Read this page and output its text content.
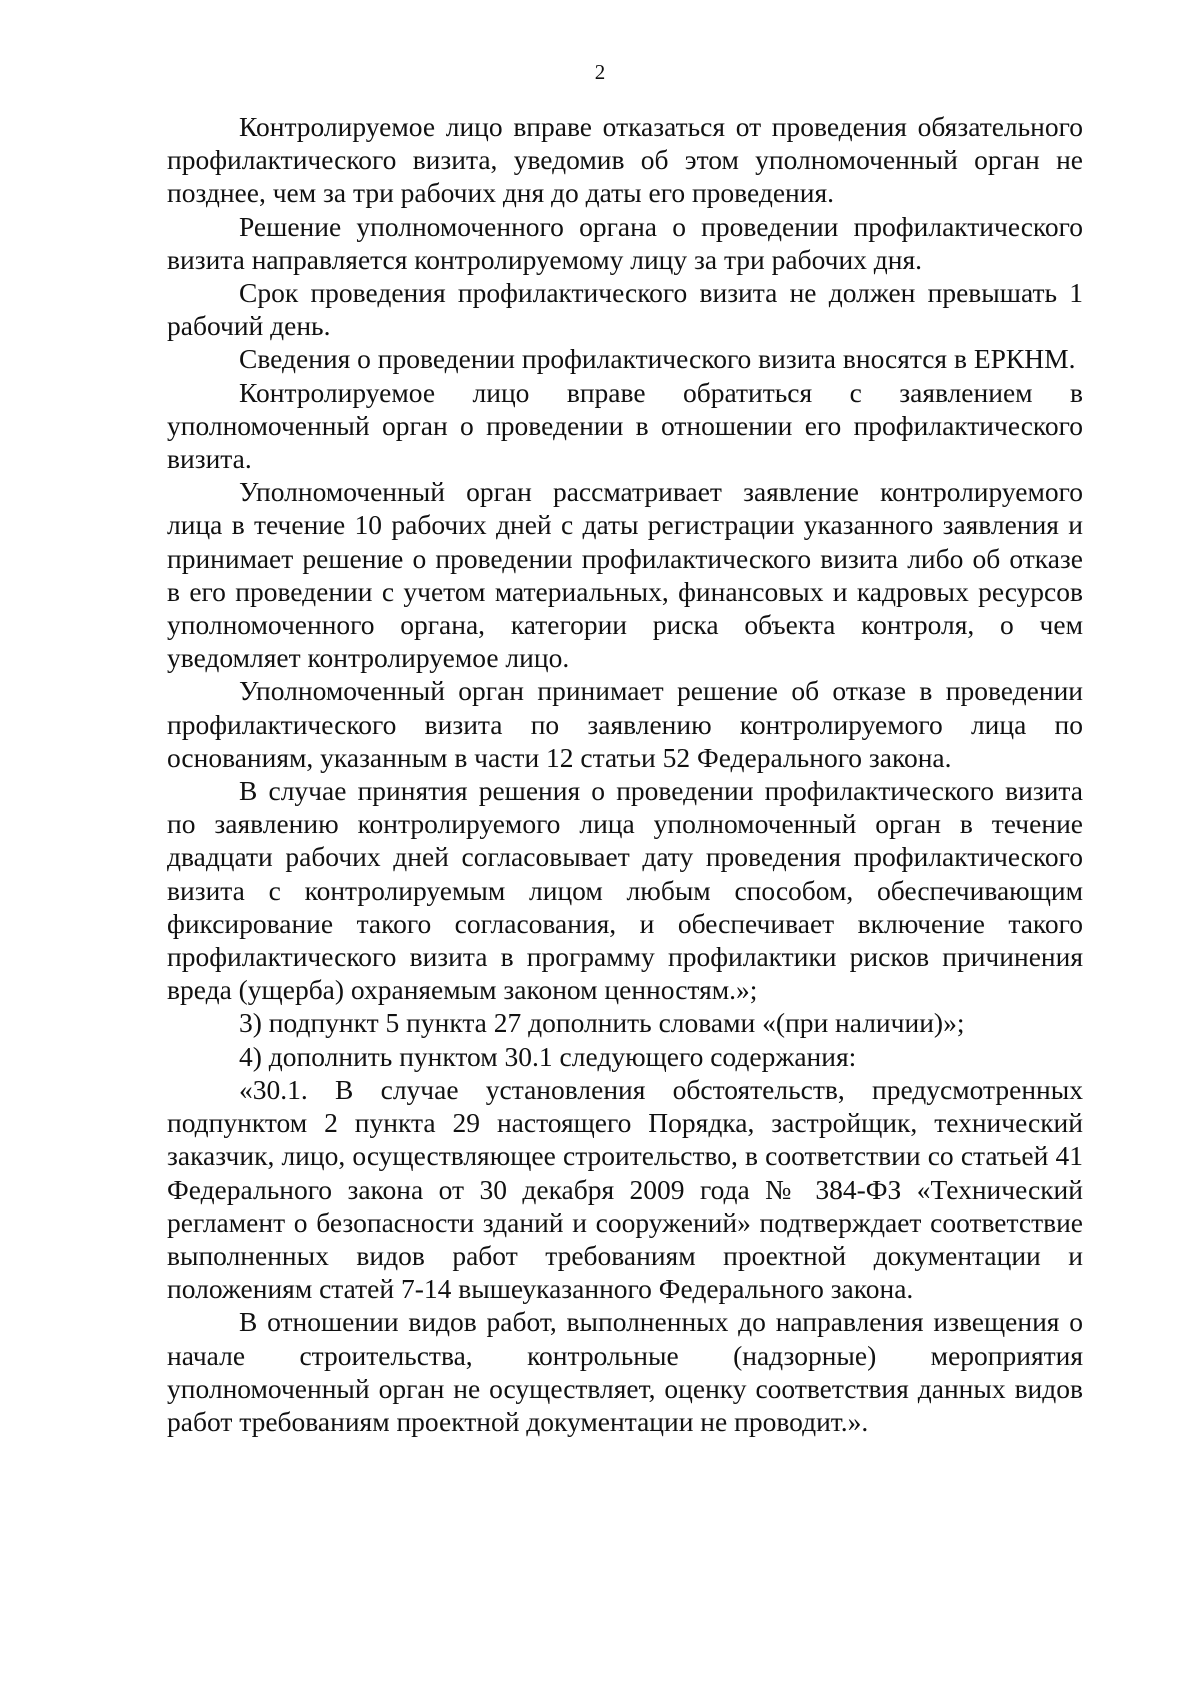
2

Контролируемое лицо вправе отказаться от проведения обязательного профилактического визита, уведомив об этом уполномоченный орган не позднее, чем за три рабочих дня до даты его проведения.

Решение уполномоченного органа о проведении профилактического визита направляется контролируемому лицу за три рабочих дня.

Срок проведения профилактического визита не должен превышать 1 рабочий день.

Сведения о проведении профилактического визита вносятся в ЕРКНМ.

Контролируемое лицо вправе обратиться с заявлением в уполномоченный орган о проведении в отношении его профилактического визита.

Уполномоченный орган рассматривает заявление контролируемого лица в течение 10 рабочих дней с даты регистрации указанного заявления и принимает решение о проведении профилактического визита либо об отказе в его проведении с учетом материальных, финансовых и кадровых ресурсов уполномоченного органа, категории риска объекта контроля, о чем уведомляет контролируемое лицо.

Уполномоченный орган принимает решение об отказе в проведении профилактического визита по заявлению контролируемого лица по основаниям, указанным в части 12 статьи 52 Федерального закона.

В случае принятия решения о проведении профилактического визита по заявлению контролируемого лица уполномоченный орган в течение двадцати рабочих дней согласовывает дату проведения профилактического визита с контролируемым лицом любым способом, обеспечивающим фиксирование такого согласования, и обеспечивает включение такого профилактического визита в программу профилактики рисков причинения вреда (ущерба) охраняемым законом ценностям.»;

3) подпункт 5 пункта 27 дополнить словами «(при наличии)»;

4) дополнить пунктом 30.1 следующего содержания:

«30.1. В случае установления обстоятельств, предусмотренных подпунктом 2 пункта 29 настоящего Порядка, застройщик, технический заказчик, лицо, осуществляющее строительство, в соответствии со статьей 41 Федерального закона от 30 декабря 2009 года № 384-ФЗ «Технический регламент о безопасности зданий и сооружений» подтверждает соответствие выполненных видов работ требованиям проектной документации и положениям статей 7-14 вышеуказанного Федерального закона.

В отношении видов работ, выполненных до направления извещения о начале строительства, контрольные (надзорные) мероприятия уполномоченный орган не осуществляет, оценку соответствия данных видов работ требованиям проектной документации не проводит.».
